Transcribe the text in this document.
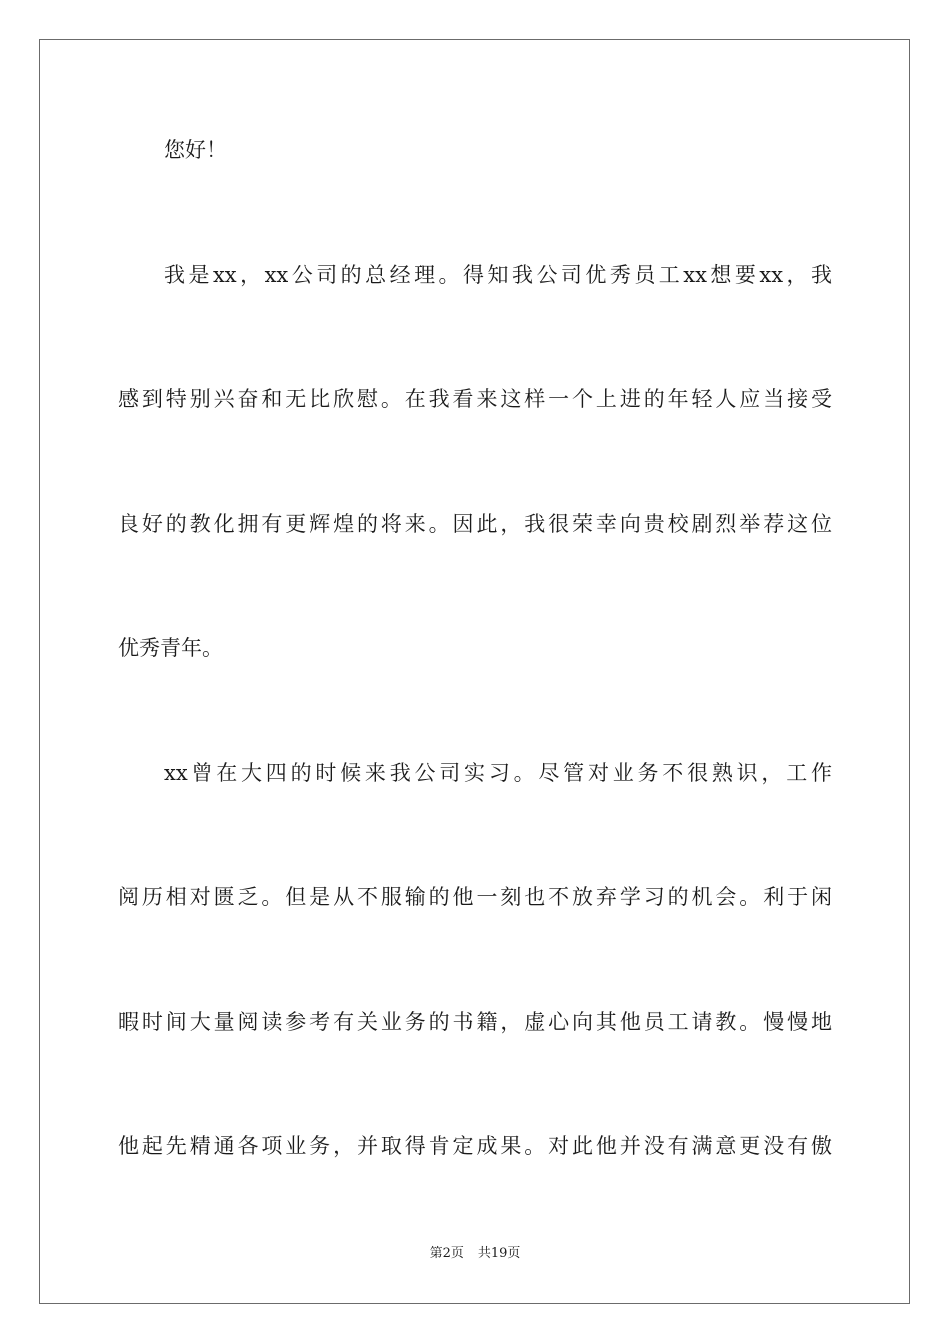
您好！
我是xx，xx公司的总经理。得知我公司优秀员工xx想要xx，我
感到特别兴奋和无比欣慰。在我看来这样一个上进的年轻人应当接受
良好的教化拥有更辉煌的将来。因此，我很荣幸向贵校剧烈举荐这位
优秀青年。
xx曾在大四的时候来我公司实习。尽管对业务不很熟识，工作
阅历相对匮乏。但是从不服输的他一刻也不放弃学习的机会。利于闲
暇时间大量阅读参考有关业务的书籍，虚心向其他员工请教。慢慢地
他起先精通各项业务，并取得肯定成果。对此他并没有满意更没有傲
第2页 共19页
